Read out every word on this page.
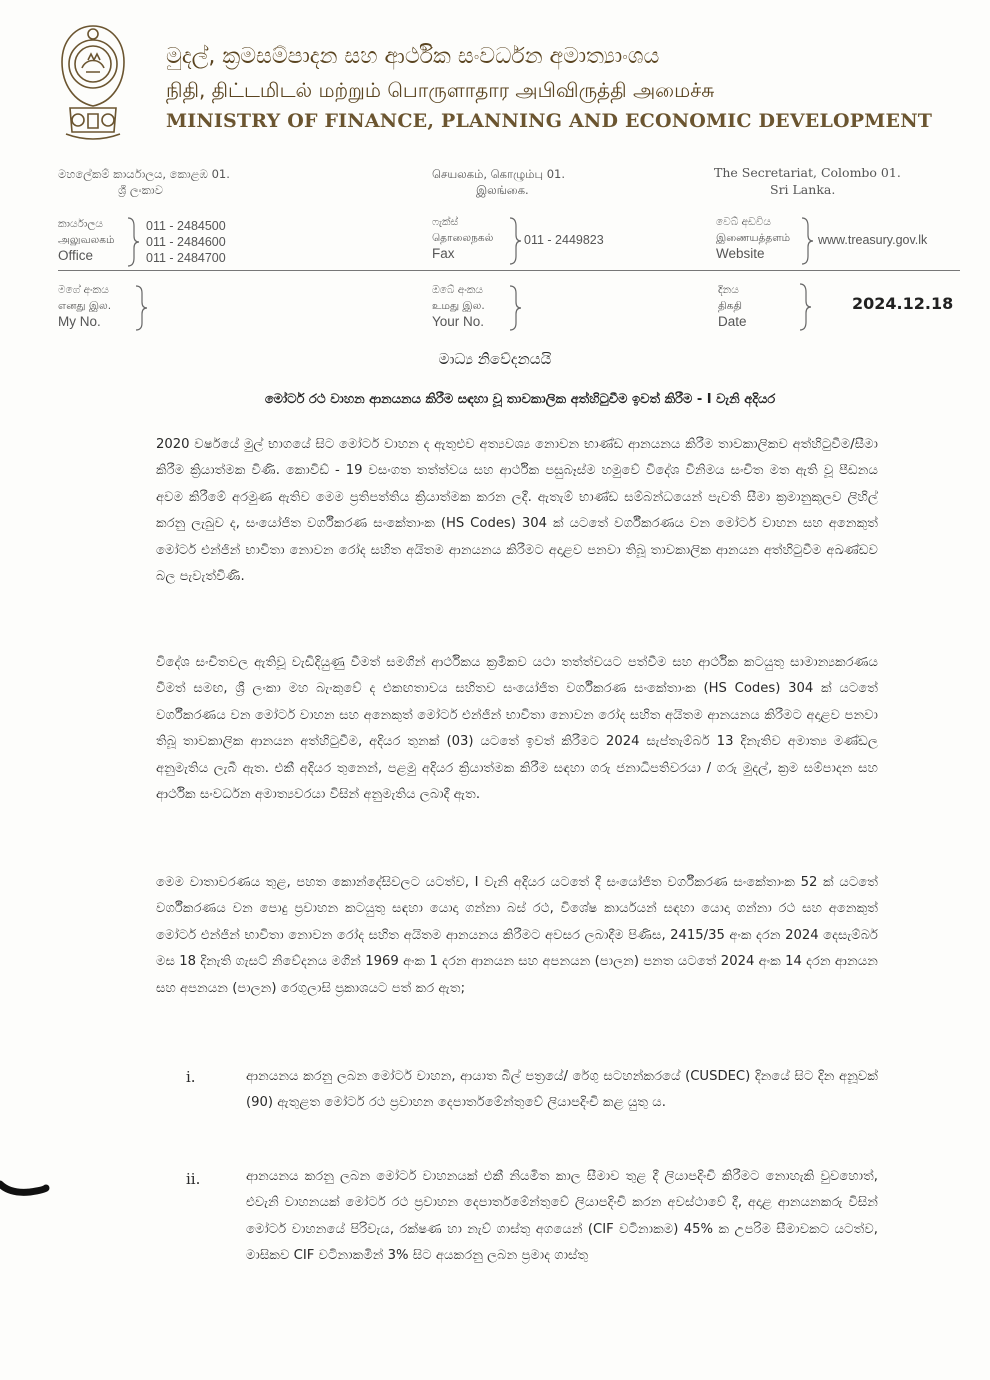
මුදල්, ක්‍රමසම්පාදන සහ ආර්ථික සංවර්ධන අමාත්‍යාංශය
நிதி, திட்டமிடல் மற்றும் பொருளாதார அபிவிருத்தி அமைச்சு
MINISTRY OF FINANCE, PLANNING AND ECONOMIC DEVELOPMENT
මහලේකම් කාර්යාලය, කොළඹ 01.
ශ්‍රී ලංකාව
செயலகம், கொழும்பு 01.
இலங்கை.
The Secretariat, Colombo 01.
Sri Lanka.
කාර්යාලය
அலுவலகம்
Office
011 - 2484500
011 - 2484600
011 - 2484700
ෆැක්ස්
தொலைநகல்
Fax
011 - 2449823
වෙබ් අඩවිය
இணையத்தளம்
Website
www.treasury.gov.lk
මගේ අංකය
எனது இல.
My No.
ඔබේ අංකය
உமது இல.
Your No.
දිනය
திகதி
Date
2024.12.18
මාධ්‍ය නිවේදනයයි
මෝටර් රථ වාහන ආනයනය කිරීම සඳහා වූ තාවකාලික අත්හිටුවීම ඉවත් කිරීම - I වැනි අදියර

2020 වර්ෂයේ මුල් භාගයේ සිට මෝටර් වාහන ද ඇතුළුව අත්‍යවශ්‍ය නොවන භාණ්ඩ ආනයනය කිරීම තාවකාලිකව අත්හිටුවීම/සීමා කිරීම ක්‍රියාත්මක විණි. කොවිඩ් - 19 වසංගත තත්ත්වය සහ ආර්ථික පසුබෑස්ම හමුවේ විදේශ විනිමය සංචිත මත ඇති වූ පීඩනය අවම කිරීමේ අරමුණ ඇතිව මෙම ප්‍රතිපත්තිය ක්‍රියාත්මක කරන ලදී. ඇතැම් භාණ්ඩ සම්බන්ධයෙන් පැවති සීමා ක්‍රමානුකූලව ලිහිල් කරනු ලැබුව ද, සංයෝජිත වර්ගීකරණ සංකේතාංක (HS Codes) 304 ක් යටතේ වර්ගීකරණය වන මෝටර් වාහන සහ අනෙකුත් මෝටර් එන්ජින් භාවිතා නොවන රෝද සහිත අයිතම ආනයනය කිරීමට අදාළව පනවා තිබූ තාවකාලික ආනයන අත්හිටුවීම අඛණ්ඩව බල පැවැත්විණි.

විදේශ සංචිතවල ඇතිවූ වැඩිදියුණු වීමත් සමගින් ආර්ථිකය ක්‍රමිකව යථා තත්ත්වයට පත්වීම සහ ආර්ථික කටයුතු සාමාන්‍යකරණය වීමත් සමඟ, ශ්‍රී ලංකා මහ බැංකුවේ ද එකඟතාවය සහිතව සංයෝජිත වර්ගීකරණ සංකේතාංක (HS Codes) 304 ක් යටතේ වර්ගීකරණය වන මෝටර් වාහන සහ අනෙකුත් මෝටර් එන්ජින් භාවිතා නොවන රෝද සහිත අයිතම ආනයනය කිරීමට අදාළව පනවා තිබූ තාවකාලික ආනයන අත්හිටුවීම, අදියර තුනක් (03) යටතේ ඉවත් කිරීමට 2024 සැප්තැම්බර් 13 දිනැතිව අමාත්‍ය මණ්ඩල අනුමැතිය ලැබී ඇත. එකී අදියර තුනෙන්, පළමු අදියර ක්‍රියාත්මක කිරීම සඳහා ගරු ජනාධිපතිවරයා / ගරු මුදල්, ක්‍රම සම්පාදන සහ ආර්ථික සංවර්ධන අමාත්‍යවරයා විසින් අනුමැතිය ලබාදී ඇත.

මෙම වාතාවරණය තුළ, පහත කොන්දේසිවලට යටත්ව, I වැනි අදියර යටතේ දී සංයෝජිත වර්ගීකරණ සංකේතාංක 52 ක් යටතේ වර්ගීකරණය වන පොදු ප්‍රවාහන කටයුතු සඳහා යොදා ගන්නා බස් රථ, විශේෂ කාර්යයන් සඳහා යොදා ගන්නා රථ සහ අනෙකුත් මෝටර් එන්ජින් භාවිතා නොවන රෝද සහිත අයිතම ආනයනය කිරීමට අවසර ලබාදීම පිණිස, 2415/35 අංක දරන 2024 දෙසැම්බර් මස 18 දිනැති ගැසට් නිවේදනය මගින් 1969 අංක 1 දරන ආනයන සහ අපනයන (පාලන) පනත යටතේ 2024 අංක 14 දරන ආනයන සහ අපනයන (පාලන) රෙගුලාසි ප්‍රකාශයට පත් කර ඇත;

i.	ආනයනය කරනු ලබන මෝටර් වාහන, ආයාත බිල් පත්‍රයේ/ රේගු සටහන්කරයේ (CUSDEC) දිනයේ සිට දින අනූවක් (90) ඇතුළත මෝටර් රථ ප්‍රවාහන දෙපාර්තමේන්තුවේ ලියාපදිංචි කළ යුතු ය.

ii.	ආනයනය කරනු ලබන මෝටර් වාහනයක් එකී නියමිත කාල සීමාව තුළ දී ලියාපදිංචි කිරීමට නොහැකි වුවහොත්, එවැනි වාහනයක් මෝටර් රථ ප්‍රවාහන දෙපාර්තමේන්තුවේ ලියාපදිංචි කරන අවස්ථාවේ දී, අදාළ ආනයනකරු විසින් මෝටර් වාහනයේ පිරිවැය, රක්ෂණ හා නැව් ගාස්තු අගයෙන් (CIF වටිනාකම) 45% ක උපරිම සීමාවකට යටත්ව, මාසිකව CIF වටිනාකමින් 3% සිට අයකරනු ලබන ප්‍රමාද ගාස්තු
